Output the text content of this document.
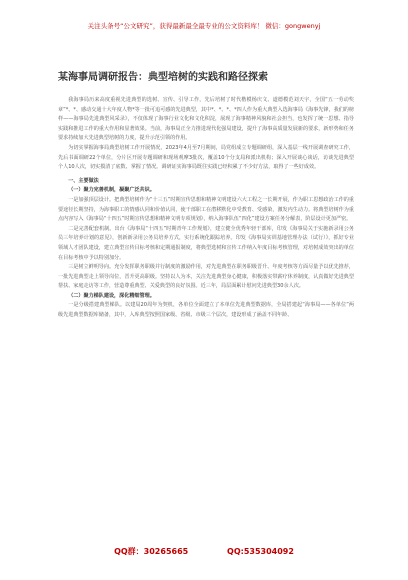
关注头条号“公文研究”，获得最新最全最专业的公文资料库！ 微信：gongwenyj
某海事局调研报告：典型培树的实践和路径探索

我海事局历来高度重视先进典型的选树、宣传、引导工作，先后培树了时代楷模杨庆文、道德模范刘天宇，全国“五一劳动奖章”*、*、感动交通十大年度人物*等一批可追可感的先进典型，其中*、*、*、*四人作为重大典型入选海事局《海事先锋，我们的榜样——海事局先进典型风采录》，不仅体现了海事行业文化和文化积淀，展现了海事精神风貌和社会担当，也发挥了统一思想、指导实践和推进工作的重大作用和显著效果。当前，海事局正全力推进现代化强局建设，提升了海事高质量发展新的要求，新形势和任务要求持续加大先进典型培树的力度，提升示范引领的作用。

为切实掌握海事局典型培树工作开展情况，2023年4月至7月期间，局党组成立专题调研组，深入基层一线开展调查研究工作，先后书面调研22个单位，分片区开展专题调研和现场观摩3批次，覆盖10个分支局和派出机构；深入开展谈心谈话，访谈先进典型个人10人次，切实摸清了底数、掌握了情况。调研证实海事局既往实践已经积累了不少好方法，取得了一些好成效。

一、主要做法

（一）聚力完善机制，凝聚广泛共识。

一是加强顶层设计。把典型培树作为“十三五”时期宣传思想和精神文明建设六大工程之一长期开展，作为职工思想政治工作的重要途径长期坚持，为海事职工的情感认同和价值认同，使干部职工在潜移默化中受教育、受感染，激发内生动力。将典型培树作为重点内容写入《海事局“十四五”时期宣传思想和精神文明专项规划》，纳入海事队伍“四化”建设方案任务分解表，阶层设计更加严密。

二是完善配套机制。出台《海事局“十四五”时期青年工作规划》，建立健全优秀年轻干部库，印发《海事局关于实施新录用公务员三年培养计划的意见》，创新新录用公务员培养方式，实行系统化跟踪培养。印发《海事局实训基地管理办法（试行）》，抓好专业领域人才团队建设，建立典型宣传目标考核和定期通报制度，将典型选树和宣传工作纳入年度目标考核管理，对培树成效突出的单位在目标考核中予以特别加分。

三是树立鲜明导向。充分发挥职务职级并行制度的激励作用，对先进典型在职务职级晋升、年度考核等方面尽量予以优先推荐，一批先进典型走上领导岗位，晋升更高职级。坚持以人为本，关注先进典型身心健康，积极落实带薪疗休养制度，认真做好先进典型帮扶、家庭走访等工作，营造尊重典型、关爱典型的良好氛围。近三年，局层面累计慰问先进典型30余人次。

（二）聚力梯队建设，深化精细管理。

一是分级搭建典型梯队。以建局20周年为契机，各单位全面建立了本单位先进典型数据库，全局搭建起“海事局——各单位”两级先进典型数据库储备，其中，入库典型按照国家级、省级、市级三个层次，建设形成了涵盖不同年龄、

QQ群：30265665	QQ:535304092
